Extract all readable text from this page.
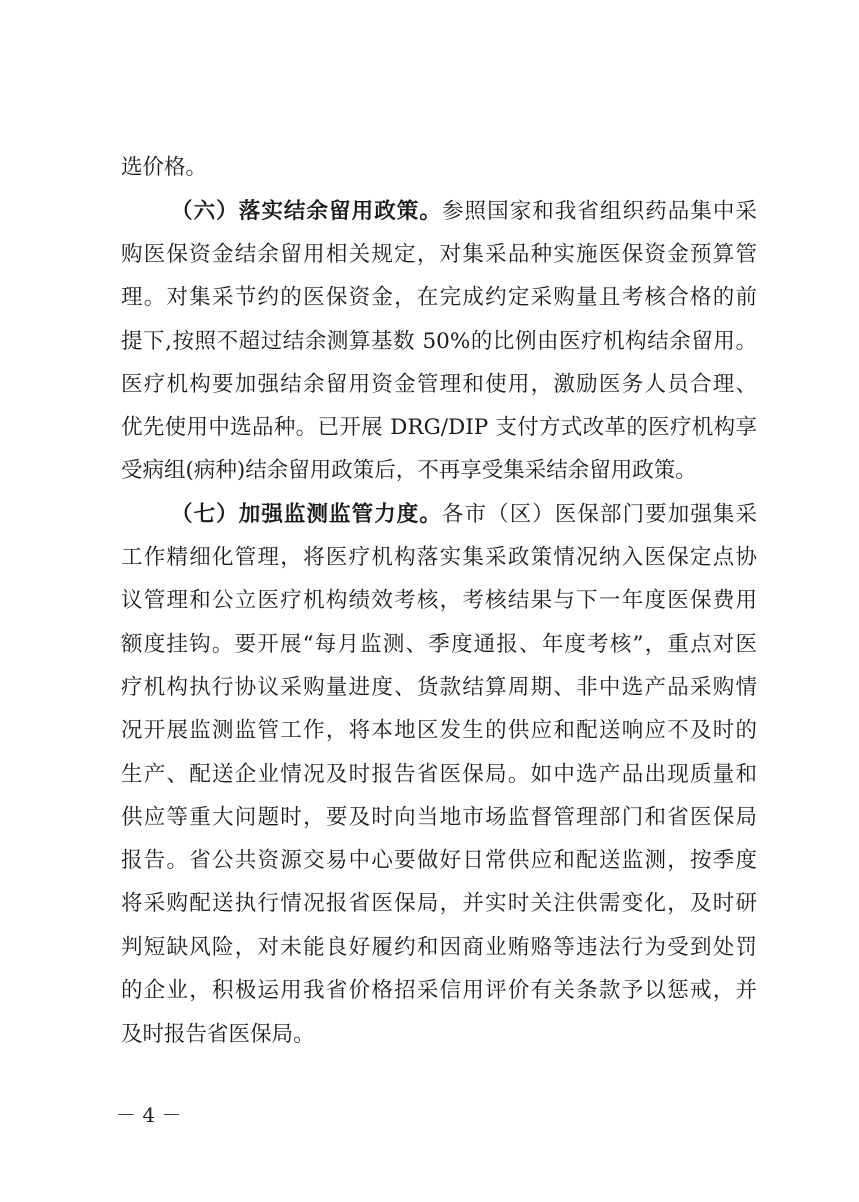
选价格。
（六）落实结余留用政策。参照国家和我省组织药品集中采
购医保资金结余留用相关规定，对集采品种实施医保资金预算管
理。对集采节约的医保资金，在完成约定采购量且考核合格的前
提下,按照不超过结余测算基数 50%的比例由医疗机构结余留用。
医疗机构要加强结余留用资金管理和使用，激励医务人员合理、
优先使用中选品种。已开展 DRG/DIP 支付方式改革的医疗机构享
受病组(病种)结余留用政策后，不再享受集采结余留用政策。
（七）加强监测监管力度。各市（区）医保部门要加强集采
工作精细化管理，将医疗机构落实集采政策情况纳入医保定点协
议管理和公立医疗机构绩效考核，考核结果与下一年度医保费用
额度挂钩。要开展“每月监测、季度通报、年度考核”，重点对医
疗机构执行协议采购量进度、货款结算周期、非中选产品采购情
况开展监测监管工作，将本地区发生的供应和配送响应不及时的
生产、配送企业情况及时报告省医保局。如中选产品出现质量和
供应等重大问题时，要及时向当地市场监督管理部门和省医保局
报告。省公共资源交易中心要做好日常供应和配送监测，按季度
将采购配送执行情况报省医保局，并实时关注供需变化，及时研
判短缺风险，对未能良好履约和因商业贿赂等违法行为受到处罚
的企业，积极运用我省价格招采信用评价有关条款予以惩戒，并
及时报告省医保局。
－ 4 －
